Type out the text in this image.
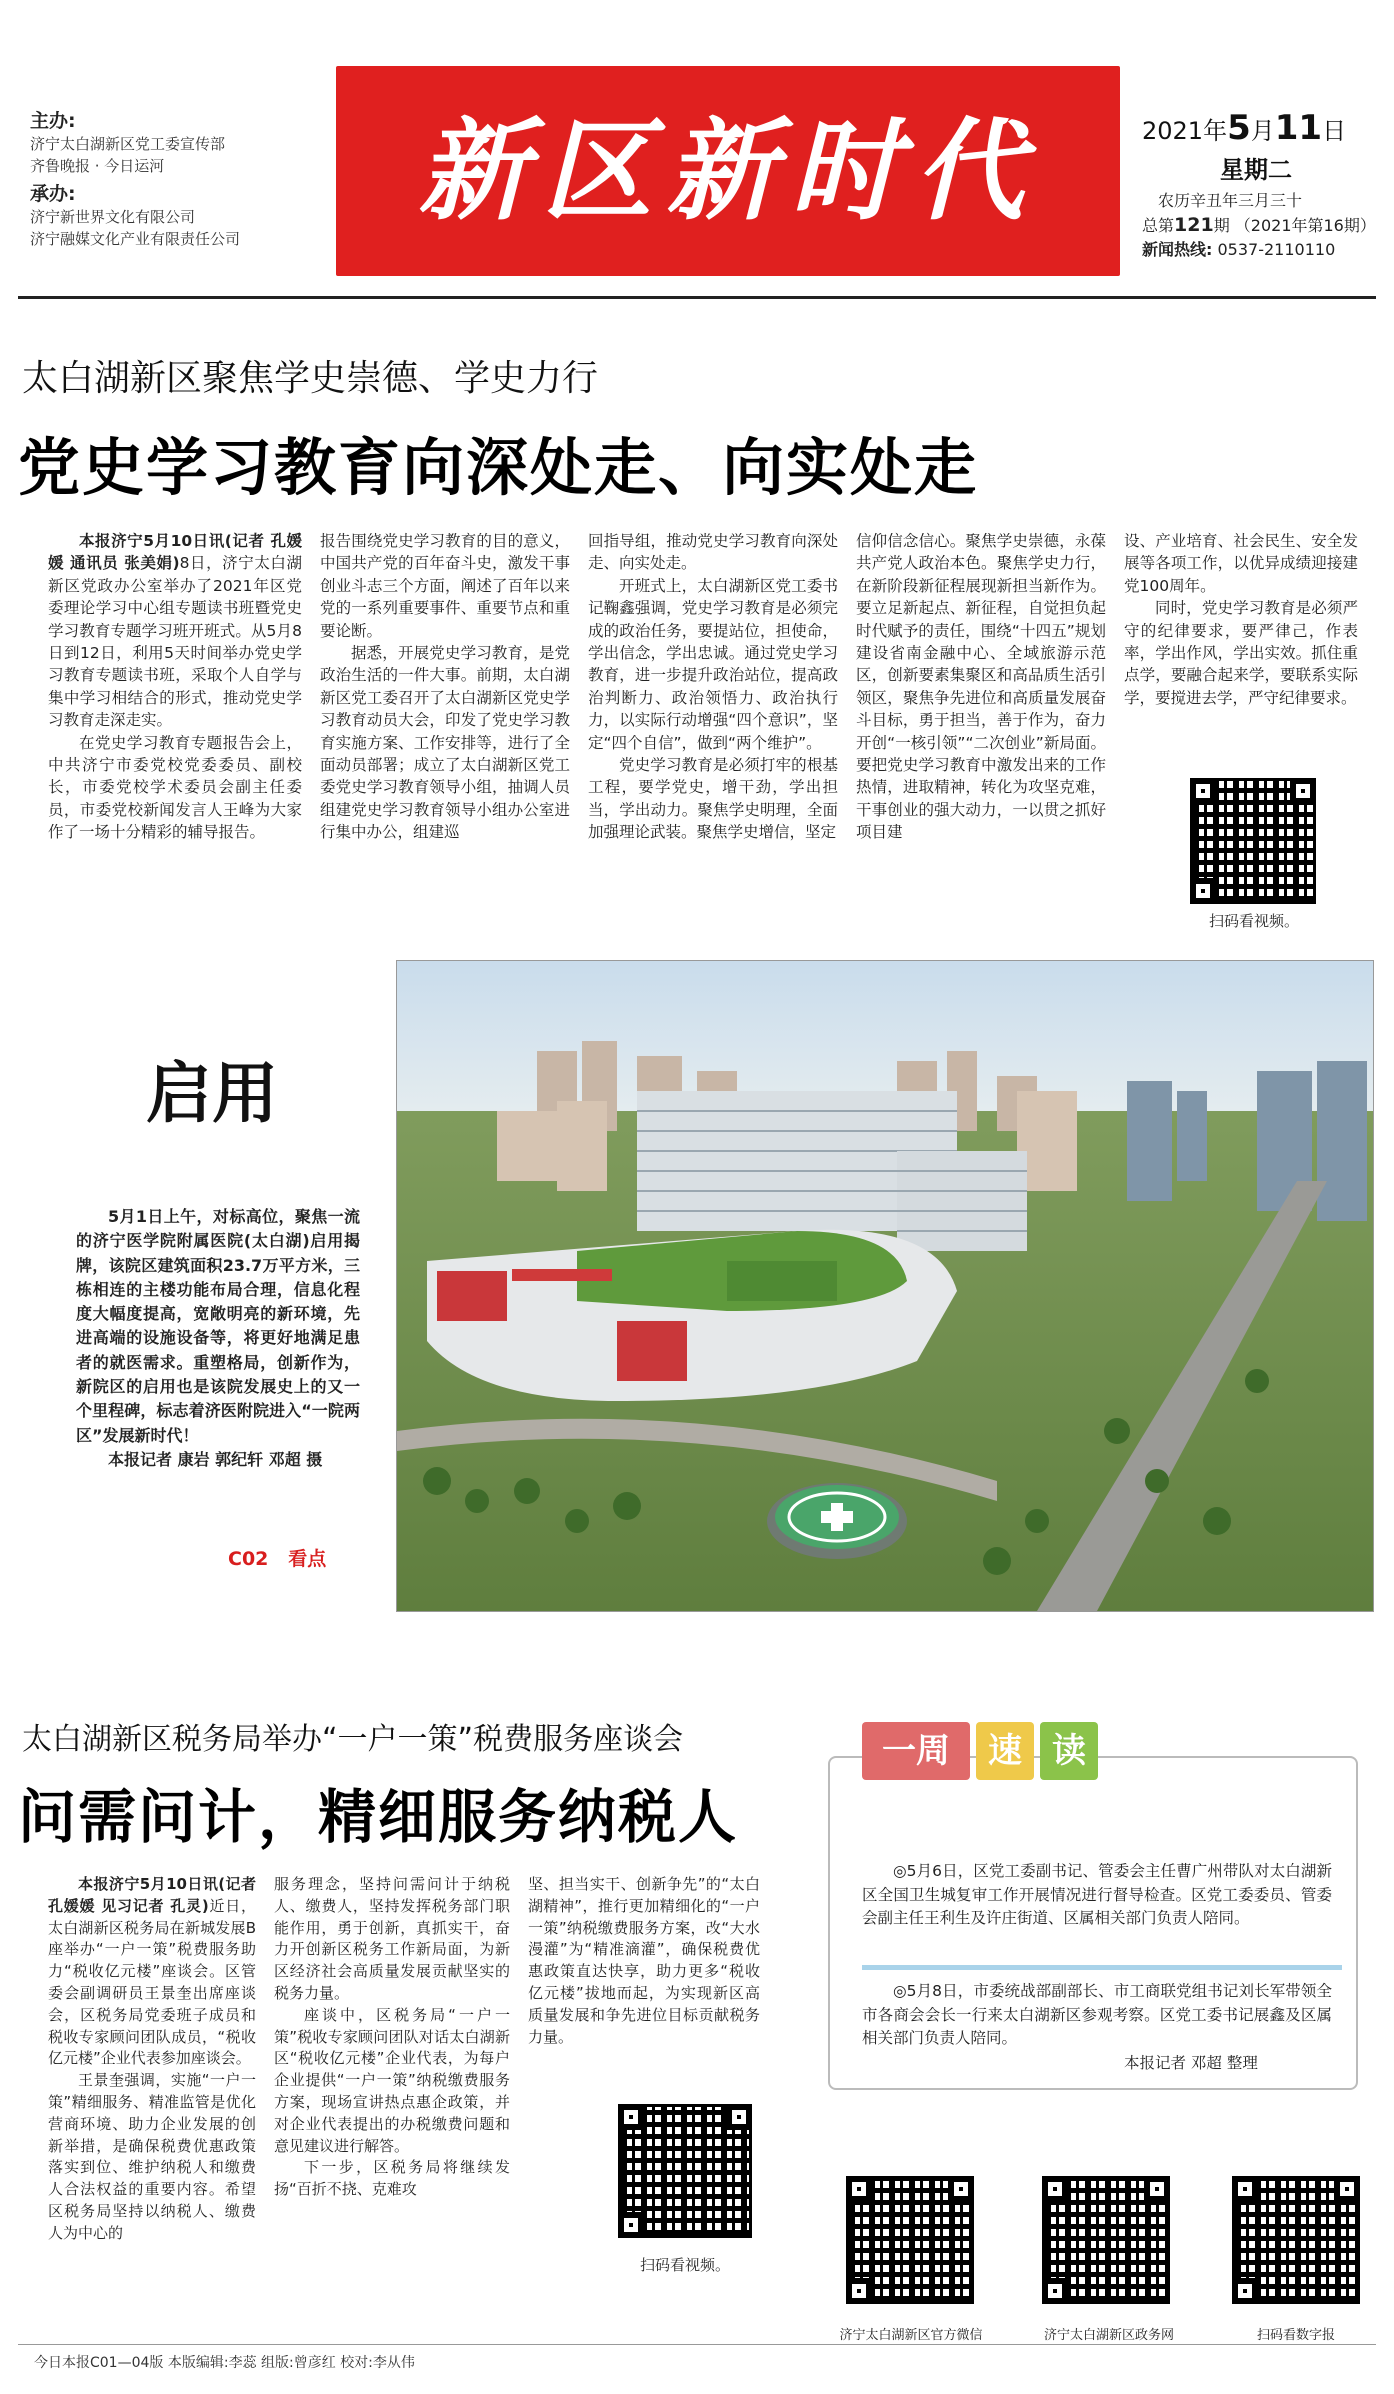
主办:
济宁太白湖新区党工委宣传部
齐鲁晚报 · 今日运河
承办:
济宁新世界文化有限公司
济宁融媒文化产业有限责任公司
新区新时代	2021年5月11日
星期二
农历辛丑年三月三十
总第121期 （2021年第16期）
新闻热线: 0537-2110110
太白湖新区聚焦学史崇德、学史力行
党史学习教育向深处走、向实处走

本报济宁5月10日讯(记者 孔媛媛 通讯员 张美娟)8日，济宁太白湖新区党政办公室举办了2021年区党委理论学习中心组专题读书班暨党史学习教育专题学习班开班式。从5月8日到12日，利用5天时间举办党史学习教育专题读书班，采取个人自学与集中学习相结合的形式，推动党史学习教育走深走实。

在党史学习教育专题报告会上，中共济宁市委党校党委委员、副校长，市委党校学术委员会副主任委员，市委党校新闻发言人王峰为大家作了一场十分精彩的辅导报告。

报告围绕党史学习教育的目的意义，中国共产党的百年奋斗史，激发干事创业斗志三个方面，阐述了百年以来党的一系列重要事件、重要节点和重要论断。

据悉，开展党史学习教育，是党政治生活的一件大事。前期，太白湖新区党工委召开了太白湖新区党史学习教育动员大会，印发了党史学习教育实施方案、工作安排等，进行了全面动员部署；成立了太白湖新区党工委党史学习教育领导小组，抽调人员组建党史学习教育领导小组办公室进行集中办公，组建巡

回指导组，推动党史学习教育向深处走、向实处走。

开班式上，太白湖新区党工委书记鞠鑫强调，党史学习教育是必须完成的政治任务，要提站位，担使命，学出信念，学出忠诚。通过党史学习教育，进一步提升政治站位，提高政治判断力、政治领悟力、政治执行力，以实际行动增强“四个意识”，坚定“四个自信”，做到“两个维护”。

党史学习教育是必须打牢的根基工程，要学党史，增干劲，学出担当，学出动力。聚焦学史明理，全面加强理论武装。聚焦学史增信，坚定

信仰信念信心。聚焦学史崇德，永葆共产党人政治本色。聚焦学史力行，在新阶段新征程展现新担当新作为。要立足新起点、新征程，自觉担负起时代赋予的责任，围绕“十四五”规划建设省南金融中心、全域旅游示范区，创新要素集聚区和高品质生活引领区，聚焦争先进位和高质量发展奋斗目标，勇于担当，善于作为，奋力开创“一核引领”“二次创业”新局面。要把党史学习教育中激发出来的工作热情，进取精神，转化为攻坚克难，干事创业的强大动力，一以贯之抓好项目建

设、产业培育、社会民生、安全发展等各项工作，以优异成绩迎接建党100周年。

同时，党史学习教育是必须严守的纪律要求，要严律己，作表率，学出作风，学出实效。抓住重点学，要融合起来学，要联系实际学，要搅进去学，严守纪律要求。

扫码看视频。
启用

5月1日上午，对标高位，聚焦一流的济宁医学院附属医院(太白湖)启用揭牌，该院区建筑面积23.7万平方米，三栋相连的主楼功能布局合理，信息化程度大幅度提高，宽敞明亮的新环境，先进高端的设施设备等，将更好地满足患者的就医需求。重塑格局，创新作为，新院区的启用也是该院发展史上的又一个里程碑，标志着济医附院进入“一院两区”发展新时代！

本报记者 康岩 郭纪轩 邓超 摄

C02 看点
太白湖新区税务局举办“一户一策”税费服务座谈会
问需问计，精细服务纳税人

本报济宁5月10日讯(记者 孔媛媛 见习记者 孔灵)近日，太白湖新区税务局在新城发展B座举办“一户一策”税费服务助力“税收亿元楼”座谈会。区管委会副调研员王景奎出席座谈会，区税务局党委班子成员和税收专家顾问团队成员，“税收亿元楼”企业代表参加座谈会。

王景奎强调，实施“一户一策”精细服务、精准监管是优化营商环境、助力企业发展的创新举措，是确保税费优惠政策落实到位、维护纳税人和缴费人合法权益的重要内容。希望区税务局坚持以纳税人、缴费人为中心的

服务理念，坚持问需问计于纳税人、缴费人，坚持发挥税务部门职能作用，勇于创新，真抓实干，奋力开创新区税务工作新局面，为新区经济社会高质量发展贡献坚实的税务力量。

座谈中，区税务局“一户一策”税收专家顾问团队对话太白湖新区“税收亿元楼”企业代表，为每户企业提供“一户一策”纳税缴费服务方案，现场宣讲热点惠企政策，并对企业代表提出的办税缴费问题和意见建议进行解答。

下一步，区税务局将继续发扬“百折不挠、克难攻

坚、担当实干、创新争先”的“太白湖精神”，推行更加精细化的“一户一策”纳税缴费服务方案，改“大水漫灌”为“精准滴灌”，确保税费优惠政策直达快享，助力更多“税收亿元楼”拔地而起，为实现新区高质量发展和争先进位目标贡献税务力量。

扫码看视频。
一周	速 读

◎5月6日，区党工委副书记、管委会主任曹广州带队对太白湖新区全国卫生城复审工作开展情况进行督导检查。区党工委委员、管委会副主任王利生及许庄街道、区属相关部门负责人陪同。

◎5月8日，市委统战部副部长、市工商联党组书记刘长军带领全市各商会会长一行来太白湖新区参观考察。区党工委书记展鑫及区属相关部门负责人陪同。

本报记者 邓超 整理
济宁太白湖新区官方微信	济宁太白湖新区政务网	扫码看数字报
今日本报C01—04版 本版编辑:李蕊 组版:曾彦红 校对:李从伟
